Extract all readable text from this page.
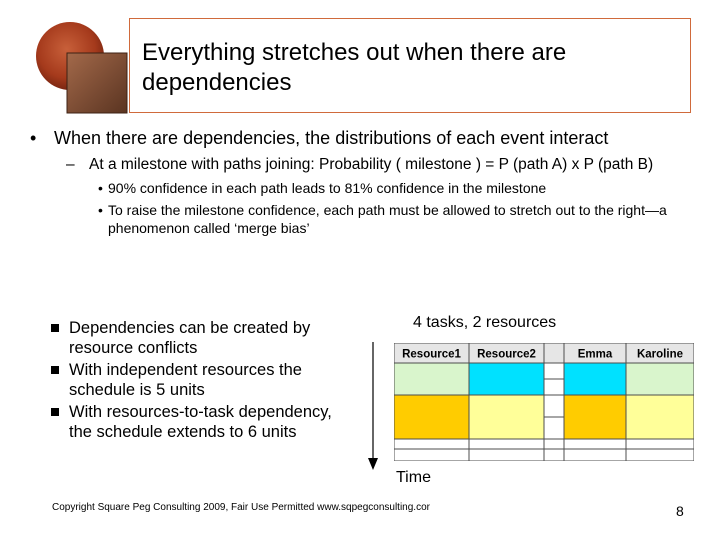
Everything stretches out when there are dependencies
• When there are dependencies, the distributions of each event interact
– At a milestone with paths joining: Probability ( milestone ) = P (path A) x P (path B)
• 90% confidence in each path leads to 81% confidence in the milestone
• To raise the milestone confidence, each path must be allowed to stretch out to the right—a phenomenon called ‘merge bias’
Dependencies can be created by resource conflicts
With independent resources the schedule is 5 units
With resources-to-task dependency, the schedule extends to 6 units
4 tasks, 2 resources
Time
Resource1 Resource2	Emma Karoline
Copyright Square Peg Consulting 2009, Fair Use Permitted www.sqpegconsulting.cor	8
